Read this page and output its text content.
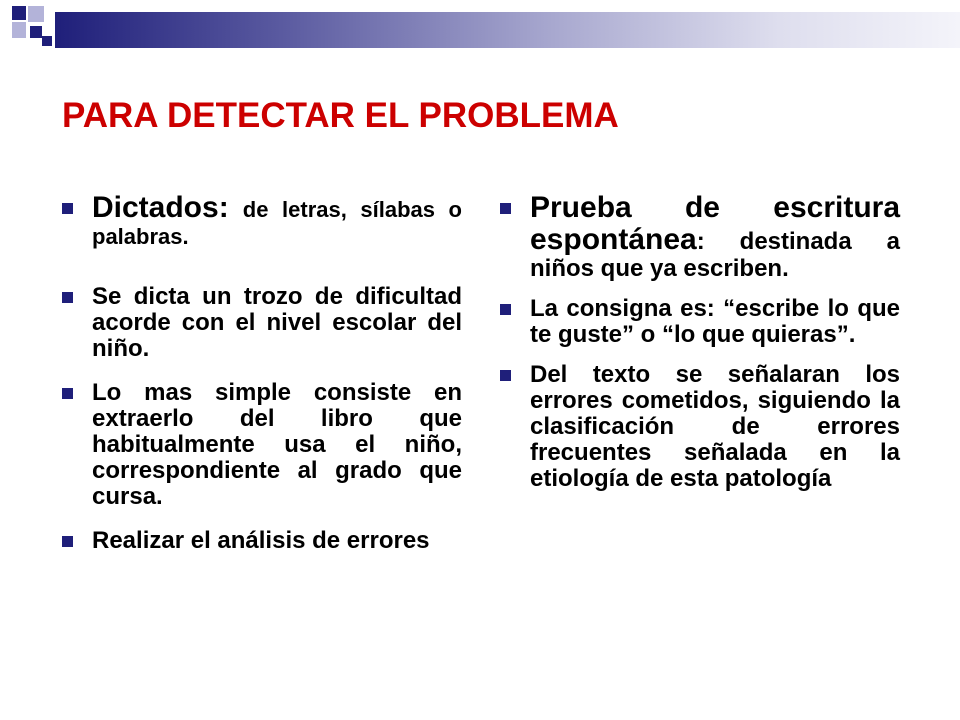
PARA DETECTAR EL PROBLEMA
Dictados: de letras, sílabas o palabras.
Se dicta un trozo de dificultad acorde con el nivel escolar del niño.
Lo mas simple consiste en extraerlo del libro que habitualmente usa el niño, correspondiente al grado que cursa.
Realizar el análisis de errores
Prueba de escritura espontánea: destinada a niños que ya escriben.
La consigna es: “escribe lo que te guste” o “lo que quieras”.
Del texto se señalaran los errores cometidos, siguiendo la clasificación de errores frecuentes señalada en la etiología de esta patología
